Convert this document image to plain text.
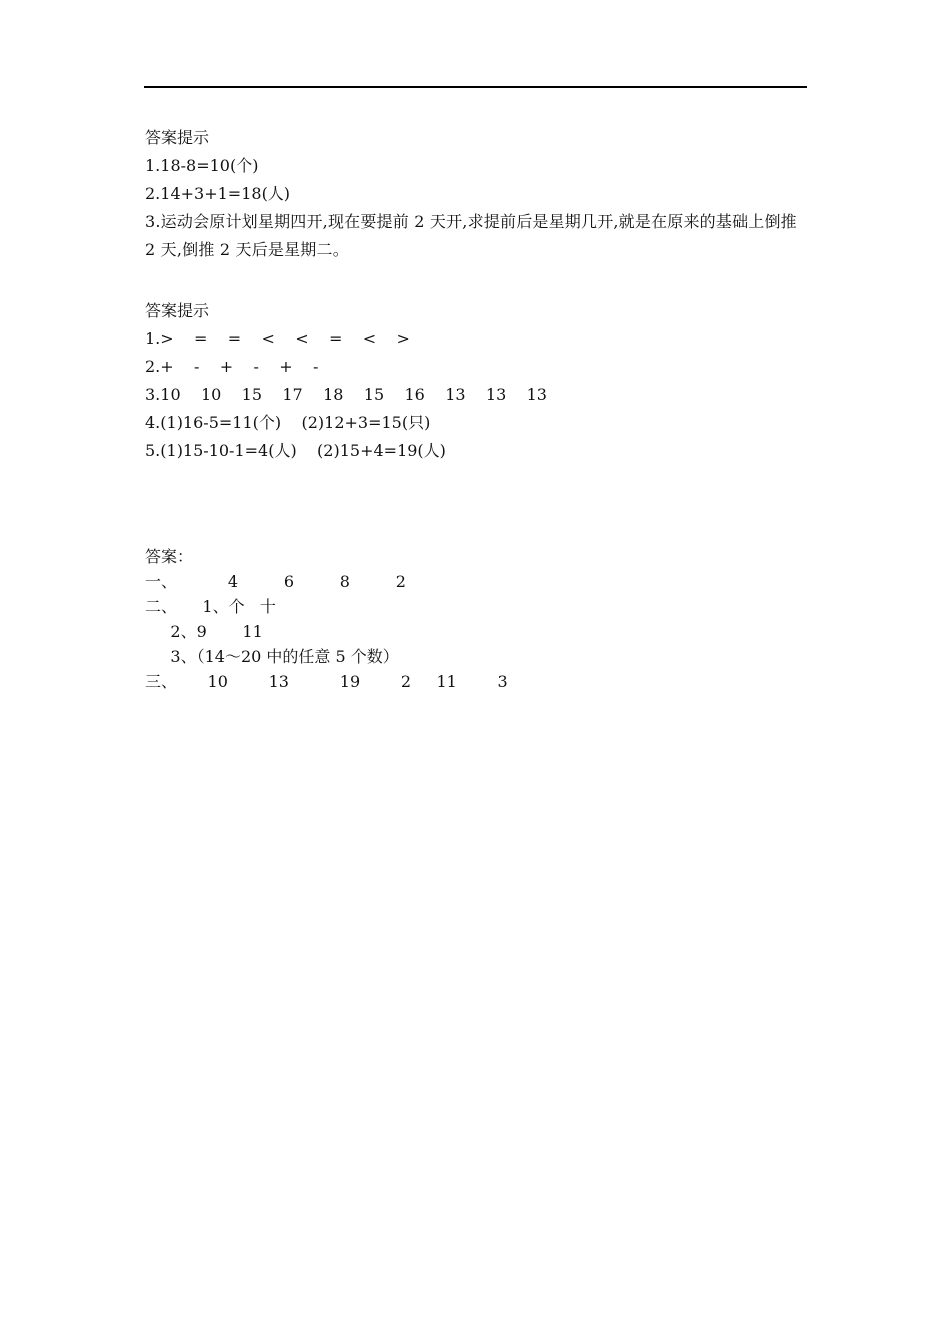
答案提示
1.18-8=10(个)
2.14+3+1=18(人)
3.运动会原计划星期四开,现在要提前 2 天开,求提前后是星期几开,就是在原来的基础上倒推 2 天,倒推 2 天后是星期二。
答案提示
1.>    =    =    <    <    =    <    >
2.+    -    +    -    +    -
3.10    10    15    17    18    15    16    13    13    13
4.(1)16-5=11(个)    (2)12+3=15(只)
5.(1)15-10-1=4(人)    (2)15+4=19(人)
答案：
一、          4         6         8         2
二、     1、个   十
2、9       11
3、（14～20 中的任意 5 个数）
三、      10        13          19        2     11        3
